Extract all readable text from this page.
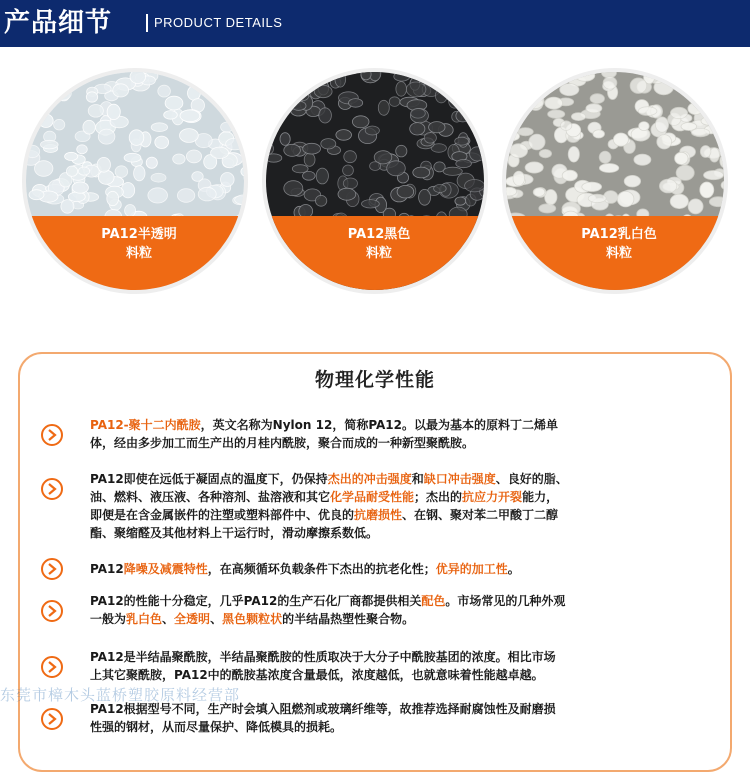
产品细节	PRODUCT DETAILS
PA12半透明
料粒
PA12黑色
料粒
PA12乳白色
料粒
物理化学性能
PA12-聚十二内酰胺，英文名称为Nylon 12，简称PA12。以最为基本的原料丁二烯单
体，经由多步加工而生产出的月桂内酰胺，聚合而成的一种新型聚酰胺。
PA12即使在远低于凝固点的温度下，仍保持杰出的冲击强度和缺口冲击强度、良好的脂、
油、燃料、液压液、各种溶剂、盐溶液和其它化学品耐受性能；杰出的抗应力开裂能力，
即便是在含金属嵌件的注塑或塑料部件中、优良的抗磨损性、在钢、聚对苯二甲酸丁二醇
酯、聚缩醛及其他材料上干运行时，滑动摩擦系数低。
PA12降噪及减震特性，在高频循环负载条件下杰出的抗老化性；优异的加工性。
PA12的性能十分稳定，几乎PA12的生产石化厂商都提供相关配色。市场常见的几种外观
一般为乳白色、全透明、黑色颗粒状的半结晶热塑性聚合物。
PA12是半结晶聚酰胺，半结晶聚酰胺的性质取决于大分子中酰胺基团的浓度。相比市场
上其它聚酰胺，PA12中的酰胺基浓度含量最低，浓度越低，也就意味着性能越卓越。
PA12根据型号不同，生产时会填入阻燃剂或玻璃纤维等，故推荐选择耐腐蚀性及耐磨损
性强的钢材，从而尽量保护、降低模具的损耗。
东莞市樟木头蓝桥塑胶原料经营部
